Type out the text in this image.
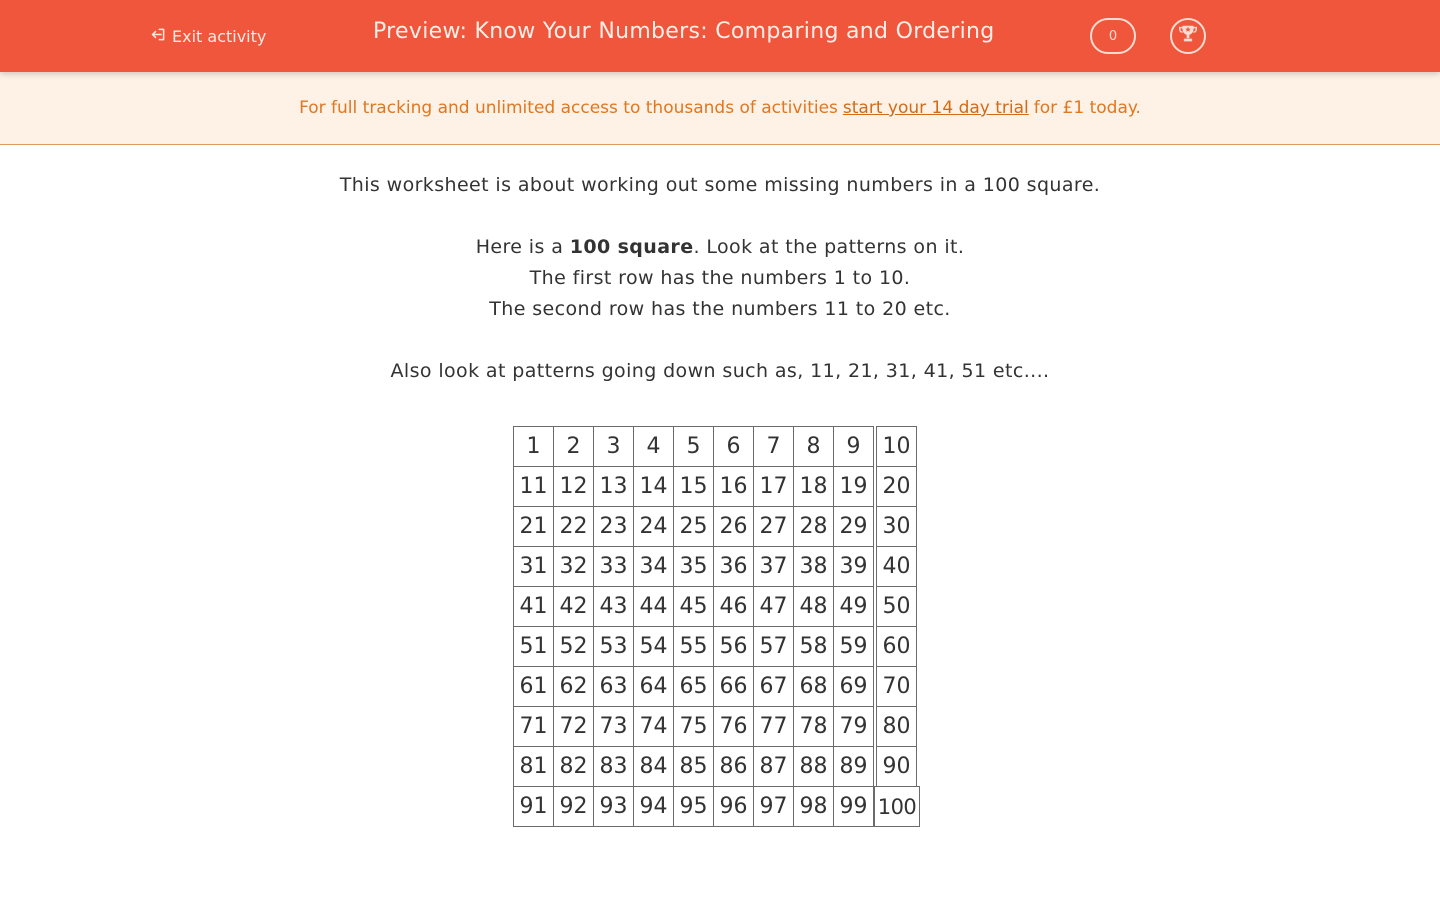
Exit activity	Preview: Know Your Numbers: Comparing and Ordering	0
For full tracking and unlimited access to thousands of activities start your 14 day trial for £1 today.

This worksheet is about working out some missing numbers in a 100 square.

Here is a 100 square. Look at the patterns on it.

The first row has the numbers 1 to 10.

The second row has the numbers 11 to 20 etc.

Also look at patterns going down such as, 11, 21, 31, 41, 51 etc....

1	2	3	4	5	6	7	8	9	10
11 12 13 14 15 16 17 18 19 20
21 22 23 24 25 26 27 28 29 30
31 32 33 34 35 36 37 38 39 40
41 42 43 44 45 46 47 48 49 50
51 52 53 54 55 56 57 58 59 60
61 62 63 64 65 66 67 68 69 70
71 72 73 74 75 76 77 78 79 80
81 82 83 84 85 86 87 88 89 90
91 92 93 94 95 96 97 98 99 100
